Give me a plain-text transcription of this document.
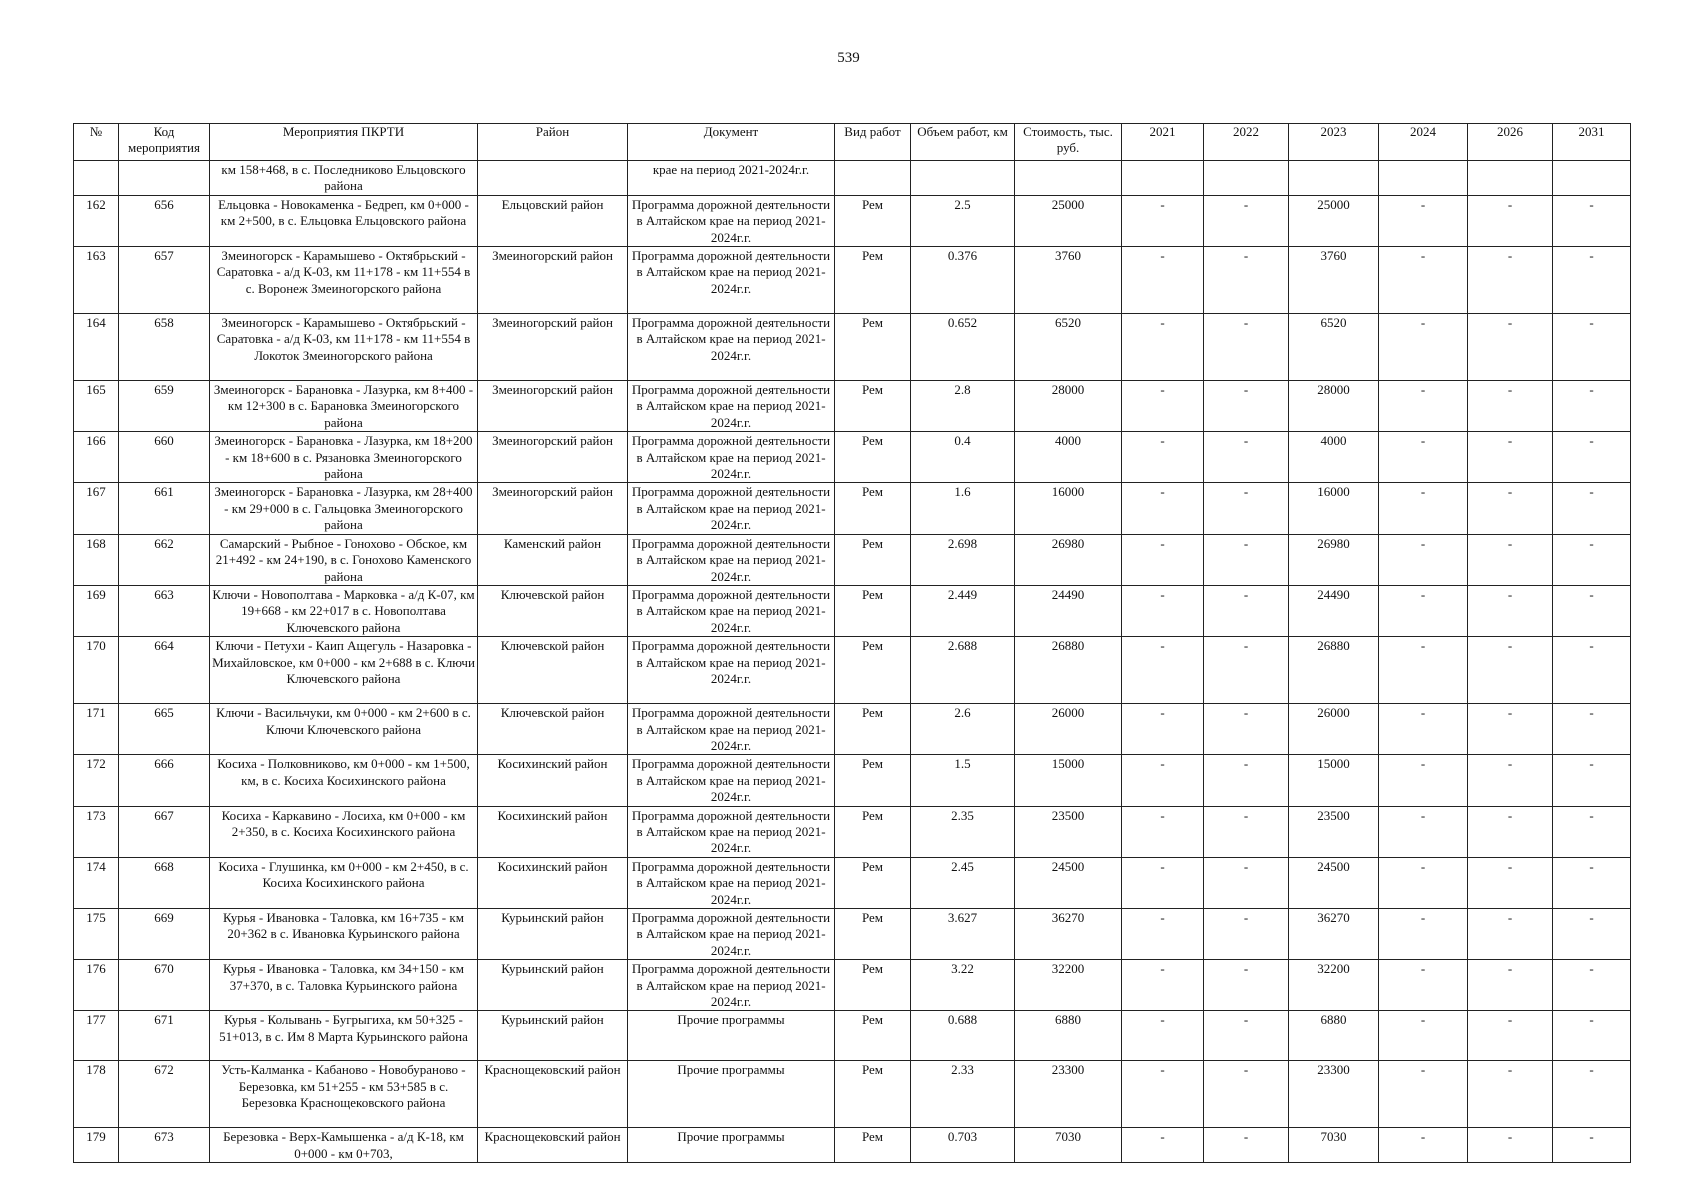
539
№	Код мероприятия	Мероприятия ПКРТИ	Район	Документ	Вид работ	Объем работ, км	Стоимость, тыс. руб.	2021	2022	2023	2024	2026	2031
		км 158+468, в с. Последниково Ельцовского района		крае на период 2021-2024г.г.									
162	656	Ельцовка - Новокаменка - Бедреп, км 0+000 - км 2+500, в с. Ельцовка Ельцовского района	Ельцовский район	Программа дорожной деятельности в Алтайском крае на период 2021-2024г.г.	Рем	2.5	25000	-	-	25000	-	-	-
163	657	Змеиногорск - Карамышево - Октябрьский - Саратовка - а/д К-03, км 11+178 - км 11+554 в с. Воронеж Змеиногорского района	Змеиногорский район	Программа дорожной деятельности в Алтайском крае на период 2021-2024г.г.	Рем	0.376	3760	-	-	3760	-	-	-
164	658	Змеиногорск - Карамышево - Октябрьский - Саратовка - а/д К-03, км 11+178 - км 11+554 в Локоток Змеиногорского района	Змеиногорский район	Программа дорожной деятельности в Алтайском крае на период 2021-2024г.г.	Рем	0.652	6520	-	-	6520	-	-	-
165	659	Змеиногорск - Барановка - Лазурка, км 8+400 - км 12+300 в с. Барановка Змеиногорского района	Змеиногорский район	Программа дорожной деятельности в Алтайском крае на период 2021-2024г.г.	Рем	2.8	28000	-	-	28000	-	-	-
166	660	Змеиногорск - Барановка - Лазурка, км 18+200 - км 18+600 в с. Рязановка Змеиногорского района	Змеиногорский район	Программа дорожной деятельности в Алтайском крае на период 2021-2024г.г.	Рем	0.4	4000	-	-	4000	-	-	-
167	661	Змеиногорск - Барановка - Лазурка, км 28+400 - км 29+000 в с. Гальцовка Змеиногорского района	Змеиногорский район	Программа дорожной деятельности в Алтайском крае на период 2021-2024г.г.	Рем	1.6	16000	-	-	16000	-	-	-
168	662	Самарский - Рыбное - Гонохово - Обское, км 21+492 - км 24+190, в с. Гонохово Каменского района	Каменский район	Программа дорожной деятельности в Алтайском крае на период 2021-2024г.г.	Рем	2.698	26980	-	-	26980	-	-	-
169	663	Ключи - Новополтава - Марковка - а/д К-07, км 19+668 - км 22+017 в с. Новополтава Ключевского района	Ключевской район	Программа дорожной деятельности в Алтайском крае на период 2021-2024г.г.	Рем	2.449	24490	-	-	24490	-	-	-
170	664	Ключи - Петухи - Каип Ащегуль - Назаровка - Михайловское, км 0+000 - км 2+688 в с. Ключи Ключевского района	Ключевской район	Программа дорожной деятельности в Алтайском крае на период 2021-2024г.г.	Рем	2.688	26880	-	-	26880	-	-	-
171	665	Ключи - Васильчуки, км 0+000 - км 2+600 в с. Ключи Ключевского района	Ключевской район	Программа дорожной деятельности в Алтайском крае на период 2021-2024г.г.	Рем	2.6	26000	-	-	26000	-	-	-
172	666	Косиха - Полковниково, км 0+000 - км 1+500, км, в с. Косиха Косихинского района	Косихинский район	Программа дорожной деятельности в Алтайском крае на период 2021-2024г.г.	Рем	1.5	15000	-	-	15000	-	-	-
173	667	Косиха - Каркавино - Лосиха, км 0+000 - км 2+350, в с. Косиха Косихинского района	Косихинский район	Программа дорожной деятельности в Алтайском крае на период 2021-2024г.г.	Рем	2.35	23500	-	-	23500	-	-	-
174	668	Косиха - Глушинка, км 0+000 - км 2+450, в с. Косиха Косихинского района	Косихинский район	Программа дорожной деятельности в Алтайском крае на период 2021-2024г.г.	Рем	2.45	24500	-	-	24500	-	-	-
175	669	Курья - Ивановка - Таловка, км 16+735 - км 20+362 в с. Ивановка Курьинского района	Курьинский район	Программа дорожной деятельности в Алтайском крае на период 2021-2024г.г.	Рем	3.627	36270	-	-	36270	-	-	-
176	670	Курья - Ивановка - Таловка, км 34+150 - км 37+370, в с. Таловка Курьинского района	Курьинский район	Программа дорожной деятельности в Алтайском крае на период 2021-2024г.г.	Рем	3.22	32200	-	-	32200	-	-	-
177	671	Курья - Колывань - Бугрыгиха, км 50+325 - 51+013, в с. Им 8 Марта Курьинского района	Курьинский район	Прочие программы	Рем	0.688	6880	-	-	6880	-	-	-
178	672	Усть-Калманка - Кабаново - Новобураново - Березовка, км 51+255 - км 53+585 в с. Березовка Краснощековского района	Краснощековский район	Прочие программы	Рем	2.33	23300	-	-	23300	-	-	-
179	673	Березовка - Верх-Камышенка - а/д К-18, км 0+000 - км 0+703,	Краснощековский район	Прочие программы	Рем	0.703	7030	-	-	7030	-	-	-
